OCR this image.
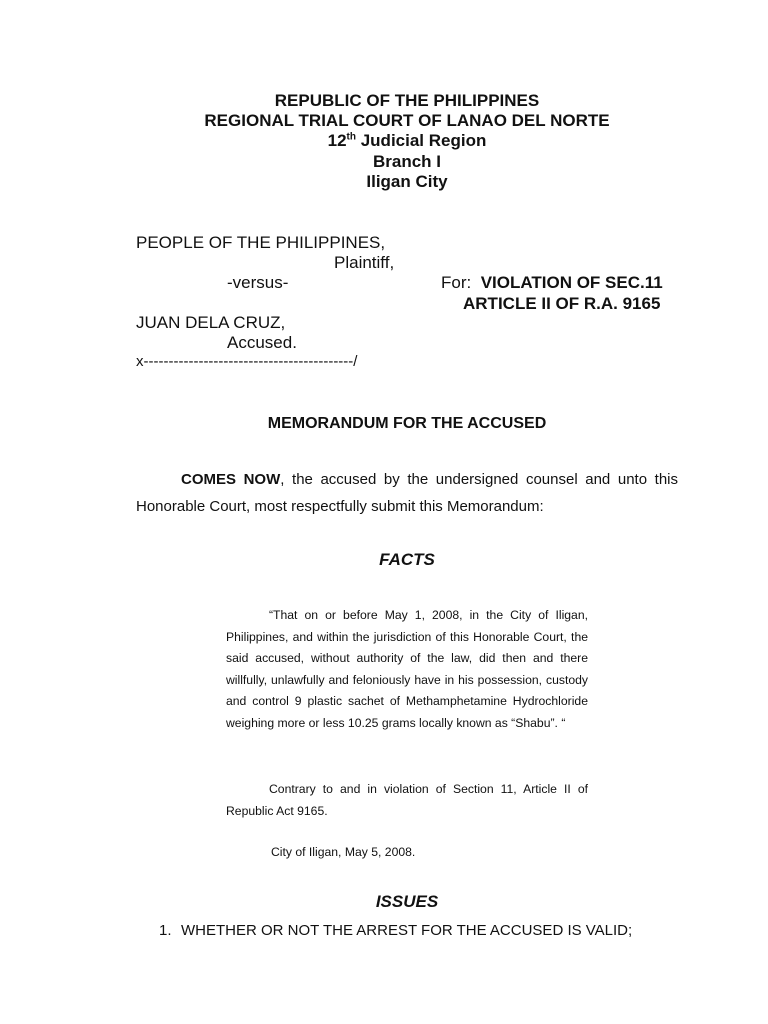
REPUBLIC OF THE PHILIPPINES
REGIONAL TRIAL COURT OF LANAO DEL NORTE
12th Judicial Region
Branch I
Iligan City
PEOPLE OF THE PHILIPPINES,
Plaintiff,
-versus-
JUAN DELA CRUZ,
Accused.
x------------------------------------------/
For: VIOLATION OF SEC.11
ARTICLE II OF R.A. 9165
MEMORANDUM FOR THE ACCUSED
COMES NOW, the accused by the undersigned counsel and unto this
Honorable Court, most respectfully submit this Memorandum:
FACTS

“That on or before May 1, 2008, in the City of Iligan, Philippines, and within the jurisdiction of this Honorable Court, the said accused, without authority of the law, did then and there willfully, unlawfully and feloniously have in his possession, custody and control 9 plastic sachet of Methamphetamine Hydrochloride weighing more or less 10.25 grams locally known as “Shabu”. “

Contrary to and in violation of Section 11, Article II of Republic Act 9165.

City of Iligan, May 5, 2008.
ISSUES
1. WHETHER OR NOT THE ARREST FOR THE ACCUSED IS VALID;
